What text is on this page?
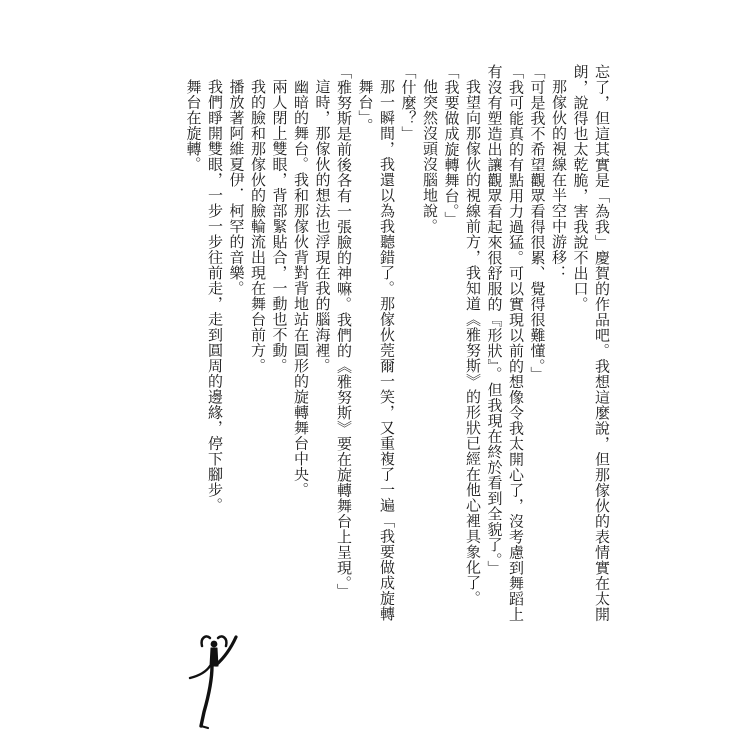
忘了，但這其實是「為我」慶賀的作品吧。我想這麼說，但那傢伙的表情實在太開朗，說得也太乾脆，害我說不出口。

那傢伙的視線在半空中游移：

「可是我不希望觀眾看得很累、覺得很難懂。」

「我可能真的有點用力過猛。可以實現以前的想像令我太開心了，沒考慮到舞蹈上有沒有塑造出讓觀眾看起來很舒服的『形狀』。但我現在終於看到全貌了。」

我望向那傢伙的視線前方，我知道《雅努斯》的形狀已經在他心裡具象化了。

「我要做成旋轉舞台。」

他突然沒頭沒腦地說。

「什麼？」

那一瞬間，我還以為我聽錯了。那傢伙莞爾一笑，又重複了一遍「我要做成旋轉舞台」。

「雅努斯是前後各有一張臉的神嘛。我們的《雅努斯》要在旋轉舞台上呈現。」

這時，那傢伙的想法也浮現在我的腦海裡。

幽暗的舞台。我和那傢伙背對背地站在圓形的旋轉舞台中央。

兩人閉上雙眼，背部緊貼合，一動也不動。

我的臉和那傢伙的臉輪流出現在舞台前方。

播放著阿維夏伊．柯罕的音樂。

我們睜開雙眼，一步一步往前走，走到圓周的邊緣，停下腳步。

舞台在旋轉。
